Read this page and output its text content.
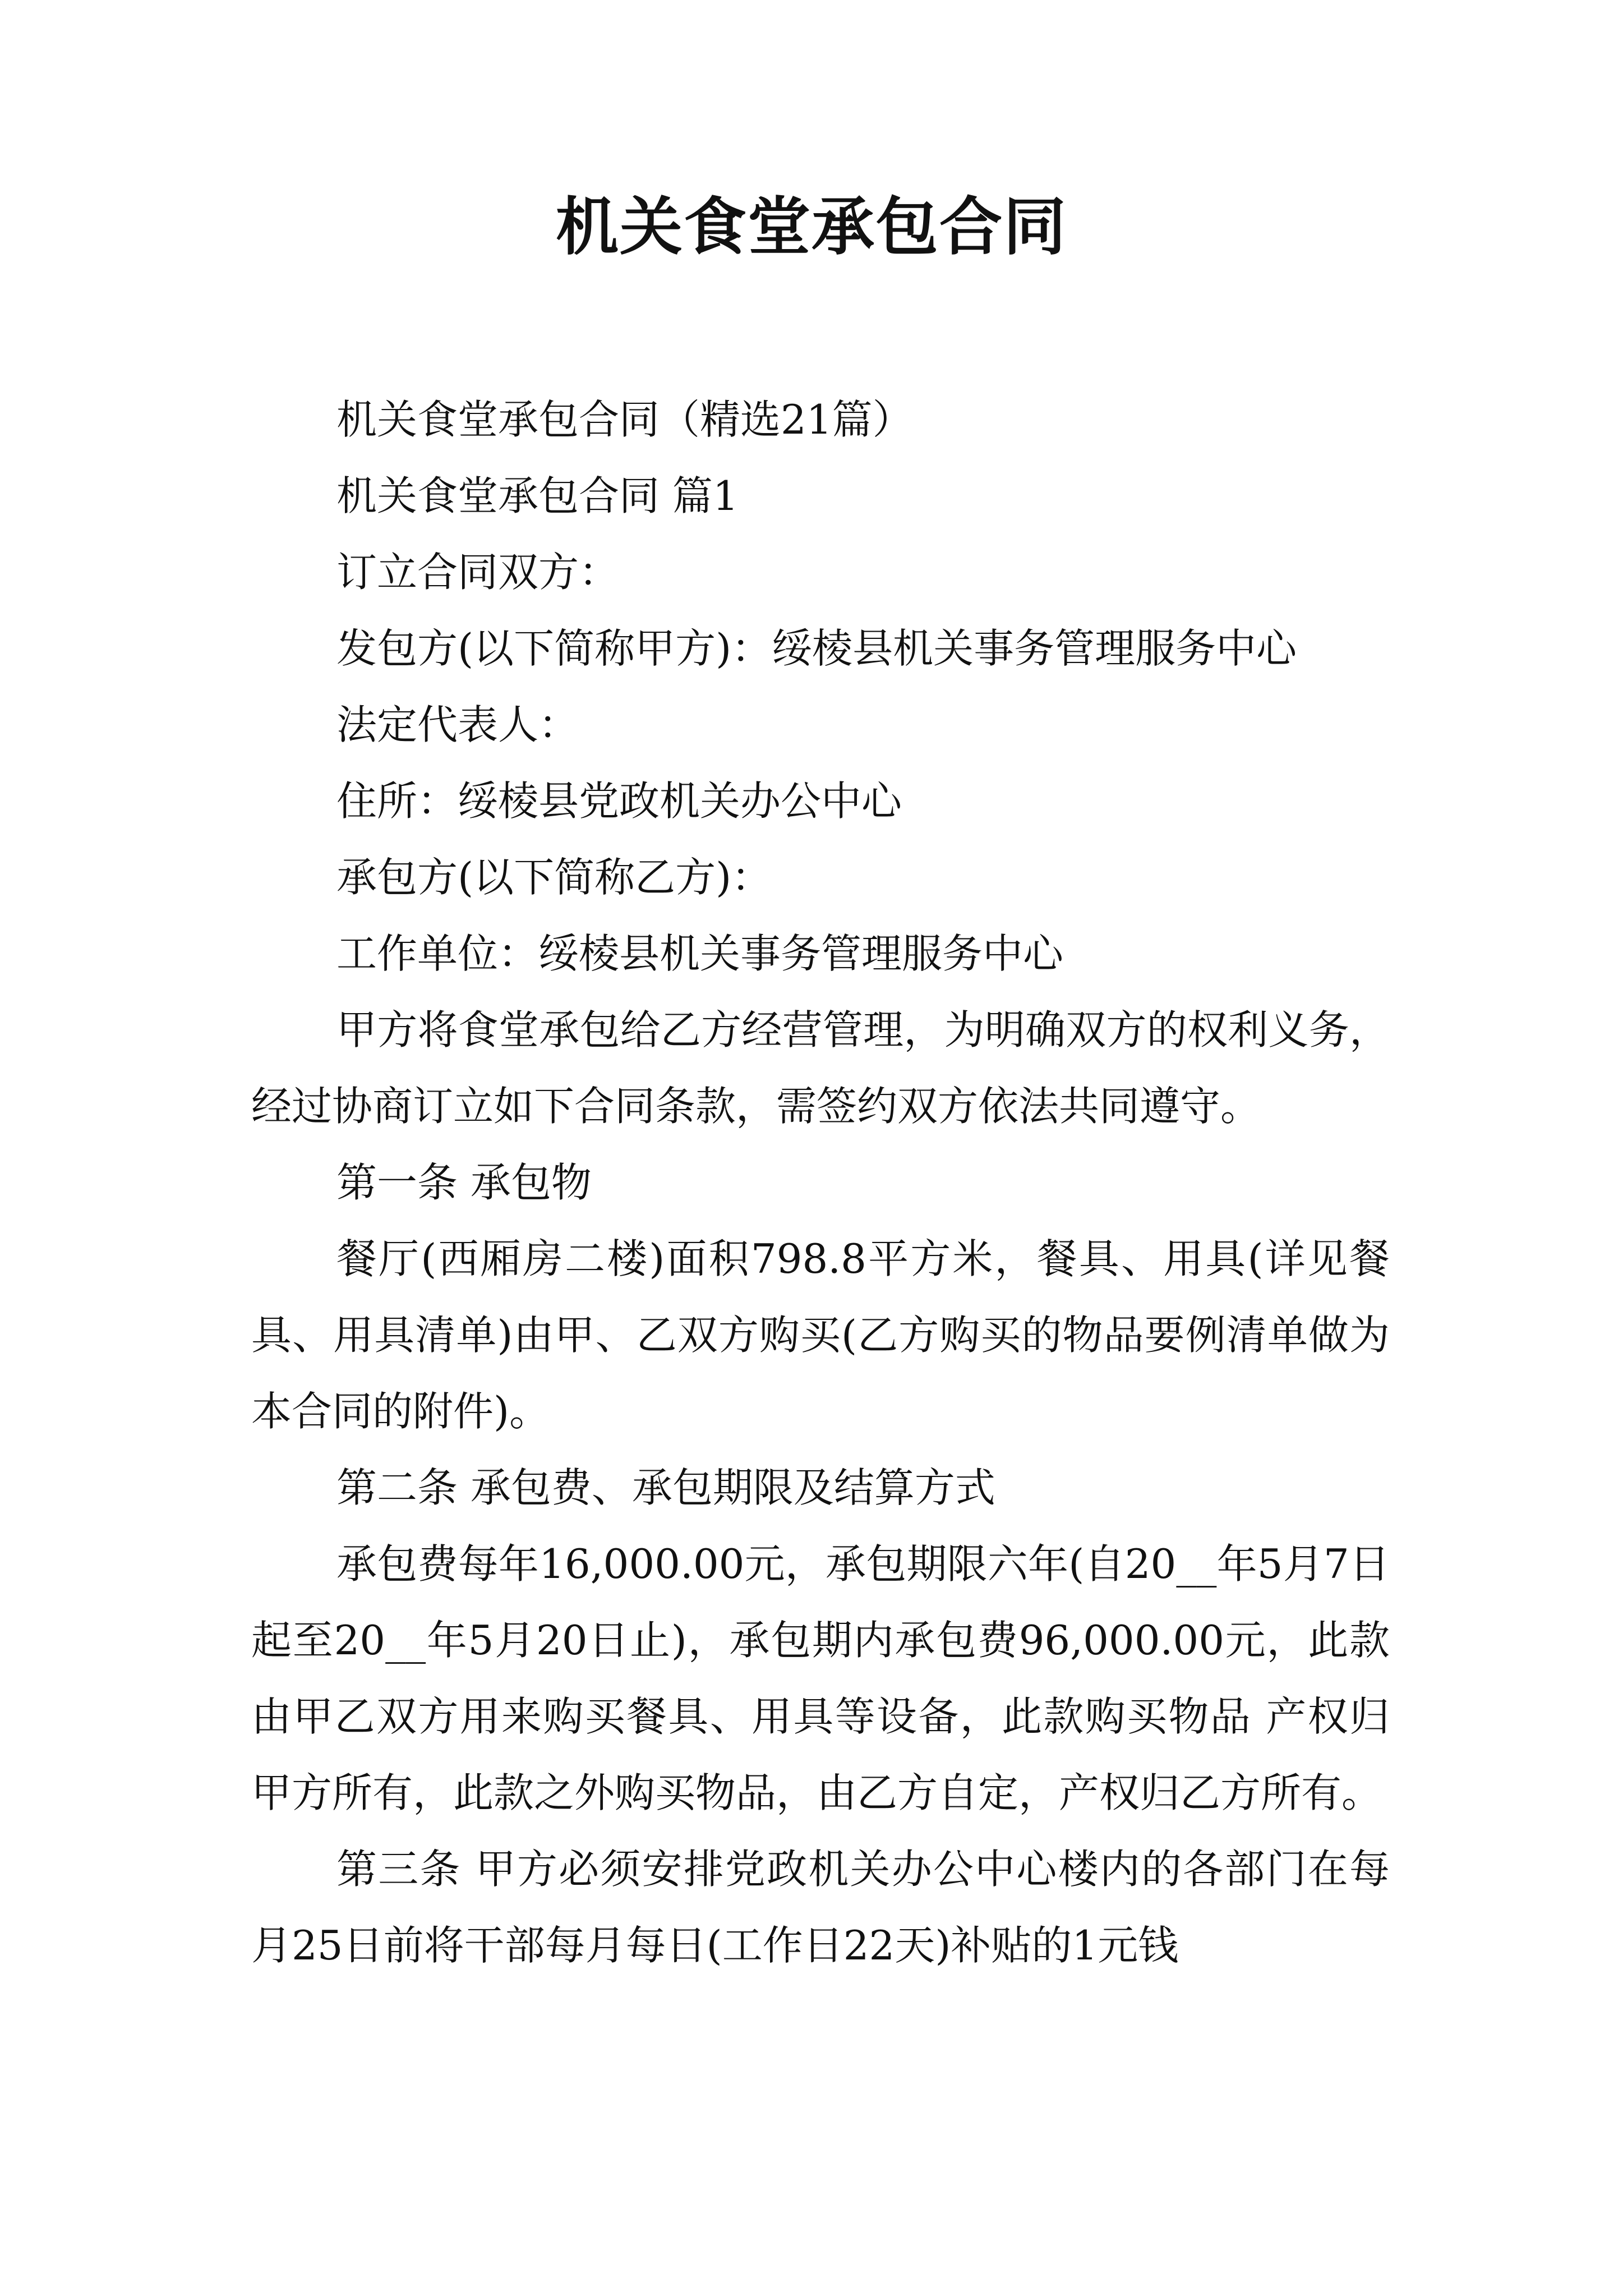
机关食堂承包合同

机关食堂承包合同（精选21篇）

机关食堂承包合同 篇1

订立合同双方：

发包方(以下简称甲方)：绥棱县机关事务管理服务中心

法定代表人：

住所：绥棱县党政机关办公中心

承包方(以下简称乙方)：

工作单位：绥棱县机关事务管理服务中心

甲方将食堂承包给乙方经营管理，为明确双方的权利义务，经过协商订立如下合同条款，需签约双方依法共同遵守。

第一条 承包物

餐厅(西厢房二楼)面积798.8平方米，餐具、用具(详见餐具、用具清单)由甲、乙双方购买(乙方购买的物品要例清单做为本合同的附件)。

第二条 承包费、承包期限及结算方式

承包费每年16,000.00元，承包期限六年(自20__年5月7日起至20__年5月20日止)，承包期内承包费96,000.00元，此款由甲乙双方用来购买餐具、用具等设备，此款购买物品 产权归甲方所有，此款之外购买物品，由乙方自定，产权归乙方所有。

第三条 甲方必须安排党政机关办公中心楼内的各部门在每月25日前将干部每月每日(工作日22天)补贴的1元钱
